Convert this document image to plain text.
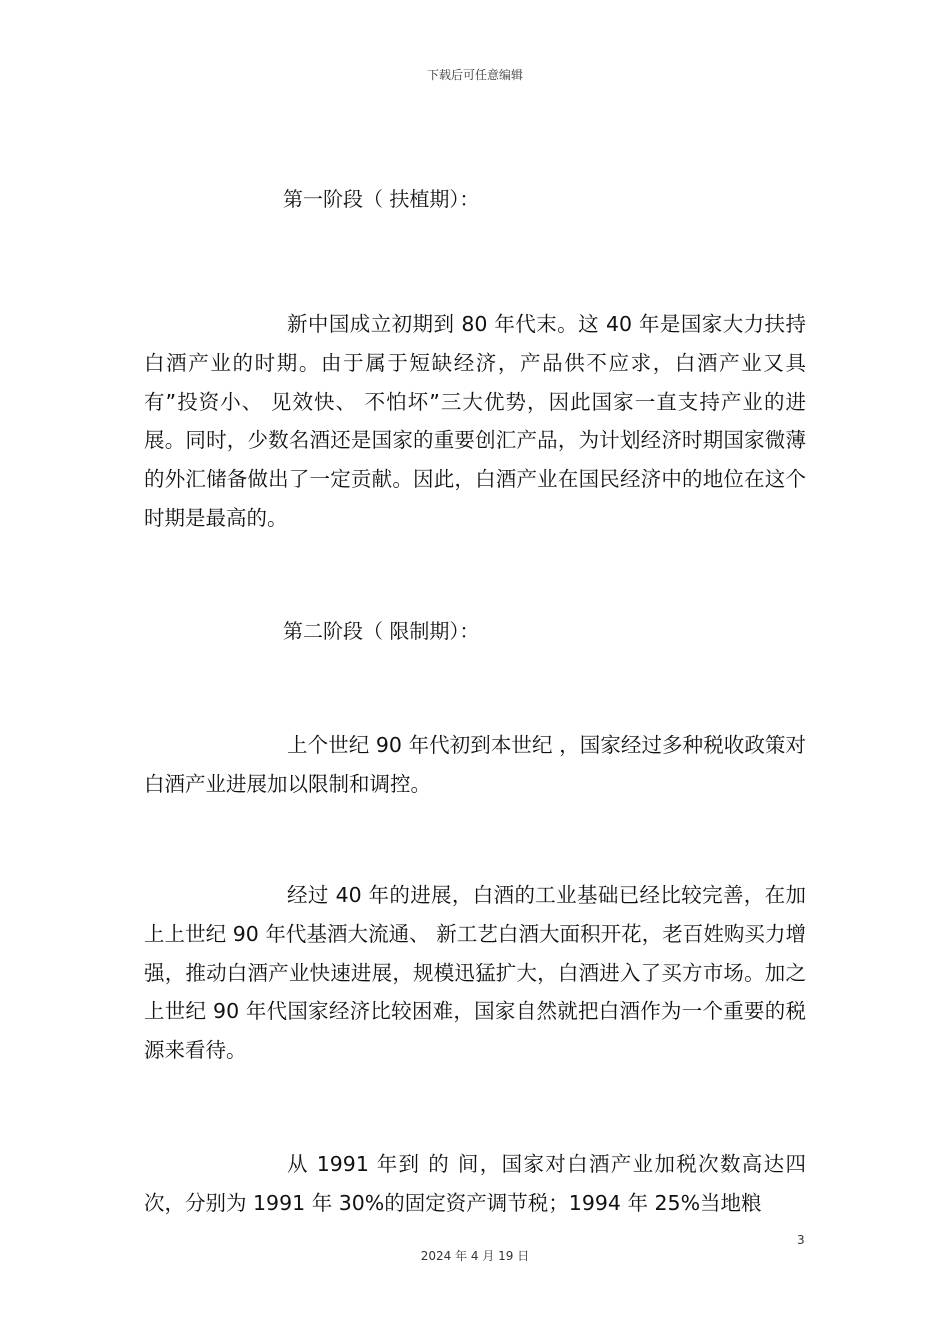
下载后可任意编辑
第一阶段（ 扶植期）：

新中国成立初期到 80 年代末。这 40 年是国家大力扶持白酒产业的时期。由于属于短缺经济，产品供不应求，白酒产业又具有”投资小、 见效快、 不怕坏”三大优势，因此国家一直支持产业的进展。同时，少数名酒还是国家的重要创汇产品，为计划经济时期国家微薄的外汇储备做出了一定贡献。因此，白酒产业在国民经济中的地位在这个时期是最高的。

第二阶段（ 限制期）：

上个世纪 90 年代初到本世纪 ，国家经过多种税收政策对白酒产业进展加以限制和调控。

经过 40 年的进展，白酒的工业基础已经比较完善，在加上上世纪 90 年代基酒大流通、 新工艺白酒大面积开花，老百姓购买力增强，推动白酒产业快速进展，规模迅猛扩大，白酒进入了买方市场。加之上世纪 90 年代国家经济比较困难，国家自然就把白酒作为一个重要的税源来看待。

从 1991 年到 的 间，国家对白酒产业加税次数高达四次，分别为 1991 年 30%的固定资产调节税；1994 年 25%当地粮

3
2024 年 4 月 19 日
